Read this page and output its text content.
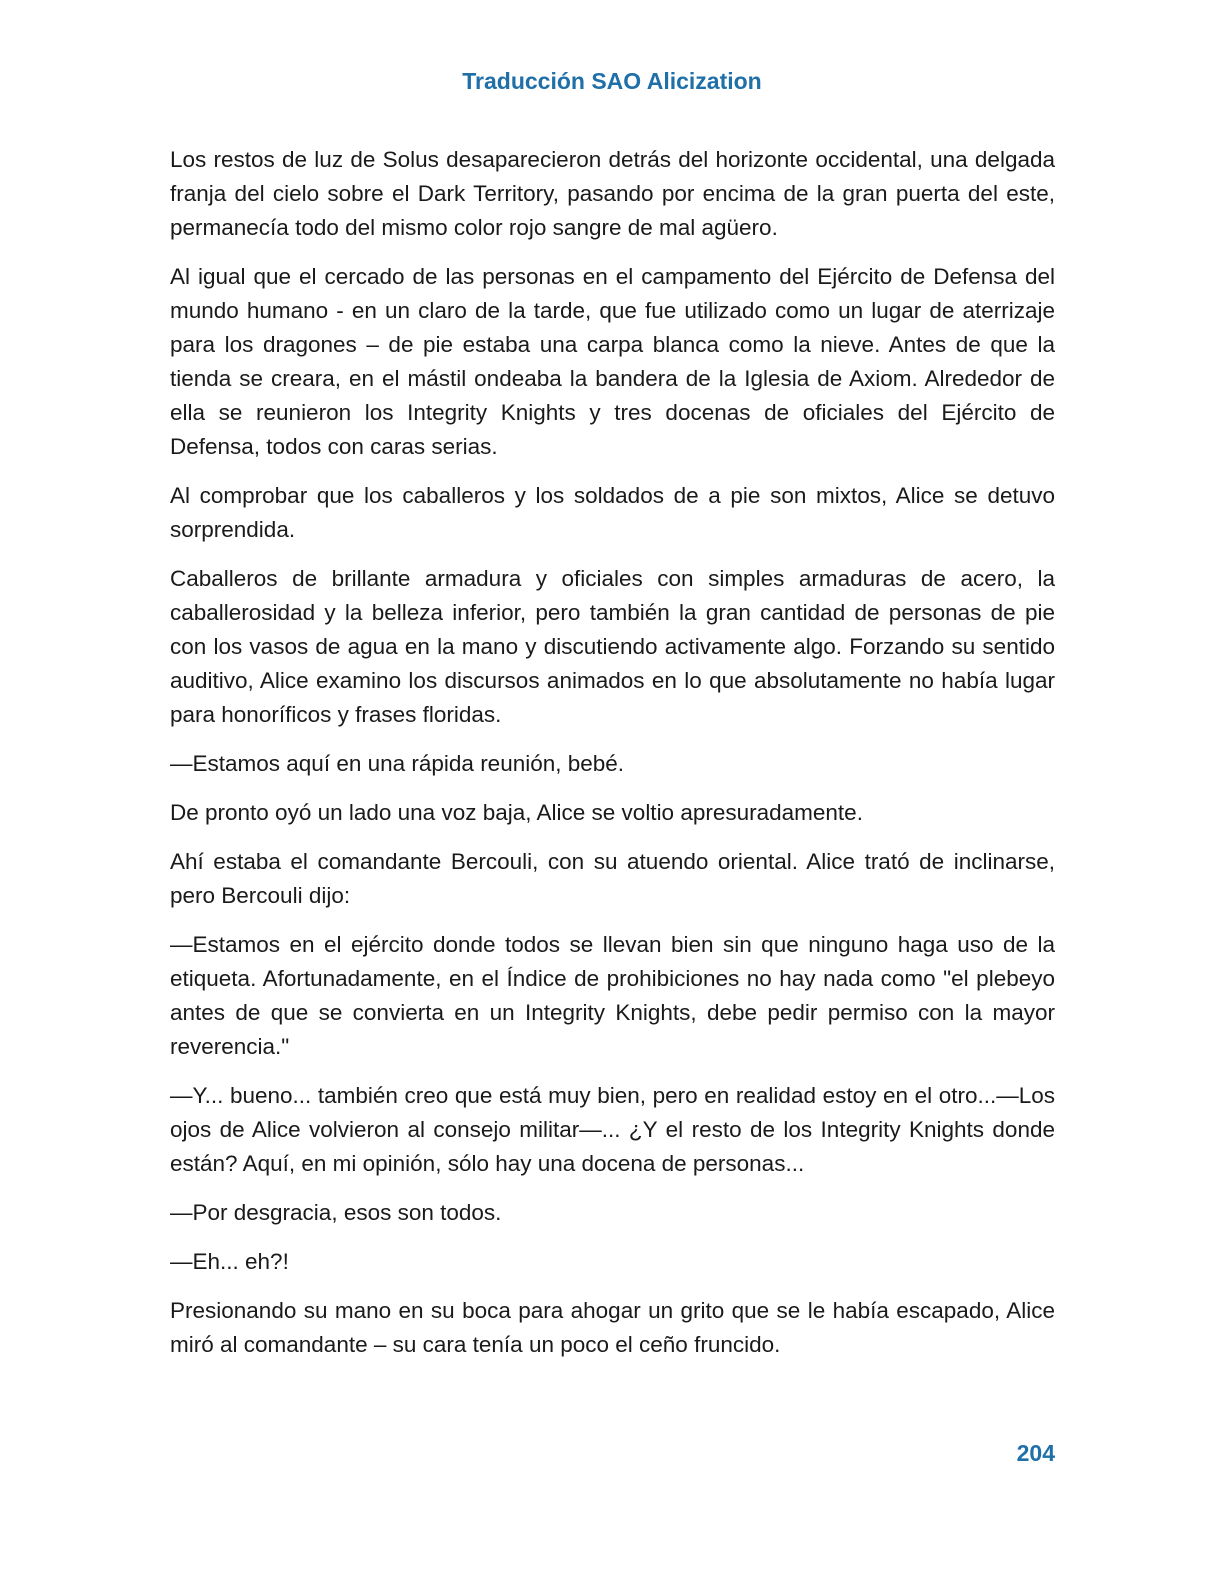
Traducción SAO Alicization

Los restos de luz de Solus desaparecieron detrás del horizonte occidental, una delgada franja del cielo sobre el Dark Territory, pasando por encima de la gran puerta del este, permanecía todo del mismo color rojo sangre de mal agüero.

Al igual que el cercado de las personas en el campamento del Ejército de Defensa del mundo humano - en un claro de la tarde, que fue utilizado como un lugar de aterrizaje para los dragones – de pie estaba una carpa blanca como la nieve. Antes de que la tienda se creara, en el mástil ondeaba la bandera de la Iglesia de Axiom. Alrededor de ella se reunieron los Integrity Knights y tres docenas de oficiales del Ejército de Defensa, todos con caras serias.

Al comprobar que los caballeros y los soldados de a pie son mixtos, Alice se detuvo sorprendida.

Caballeros de brillante armadura y oficiales con simples armaduras de acero, la caballerosidad y la belleza inferior, pero también la gran cantidad de personas de pie con los vasos de agua en la mano y discutiendo activamente algo. Forzando su sentido auditivo, Alice examino los discursos animados en lo que absolutamente no había lugar para honoríficos y frases floridas.

—Estamos aquí en una rápida reunión, bebé.

De pronto oyó un lado una voz baja, Alice se voltio apresuradamente.

Ahí estaba el comandante Bercouli, con su atuendo oriental. Alice trató de inclinarse, pero Bercouli dijo:

—Estamos en el ejército donde todos se llevan bien sin que ninguno haga uso de la etiqueta. Afortunadamente, en el Índice de prohibiciones no hay nada como "el plebeyo antes de que se convierta en un Integrity Knights, debe pedir permiso con la mayor reverencia."

—Y... bueno... también creo que está muy bien, pero en realidad estoy en el otro...—Los ojos de Alice volvieron al consejo militar—... ¿Y el resto de los Integrity Knights donde están? Aquí, en mi opinión, sólo hay una docena de personas...

—Por desgracia, esos son todos.

—Eh... eh?!

Presionando su mano en su boca para ahogar un grito que se le había escapado, Alice miró al comandante – su cara tenía un poco el ceño fruncido.

204
